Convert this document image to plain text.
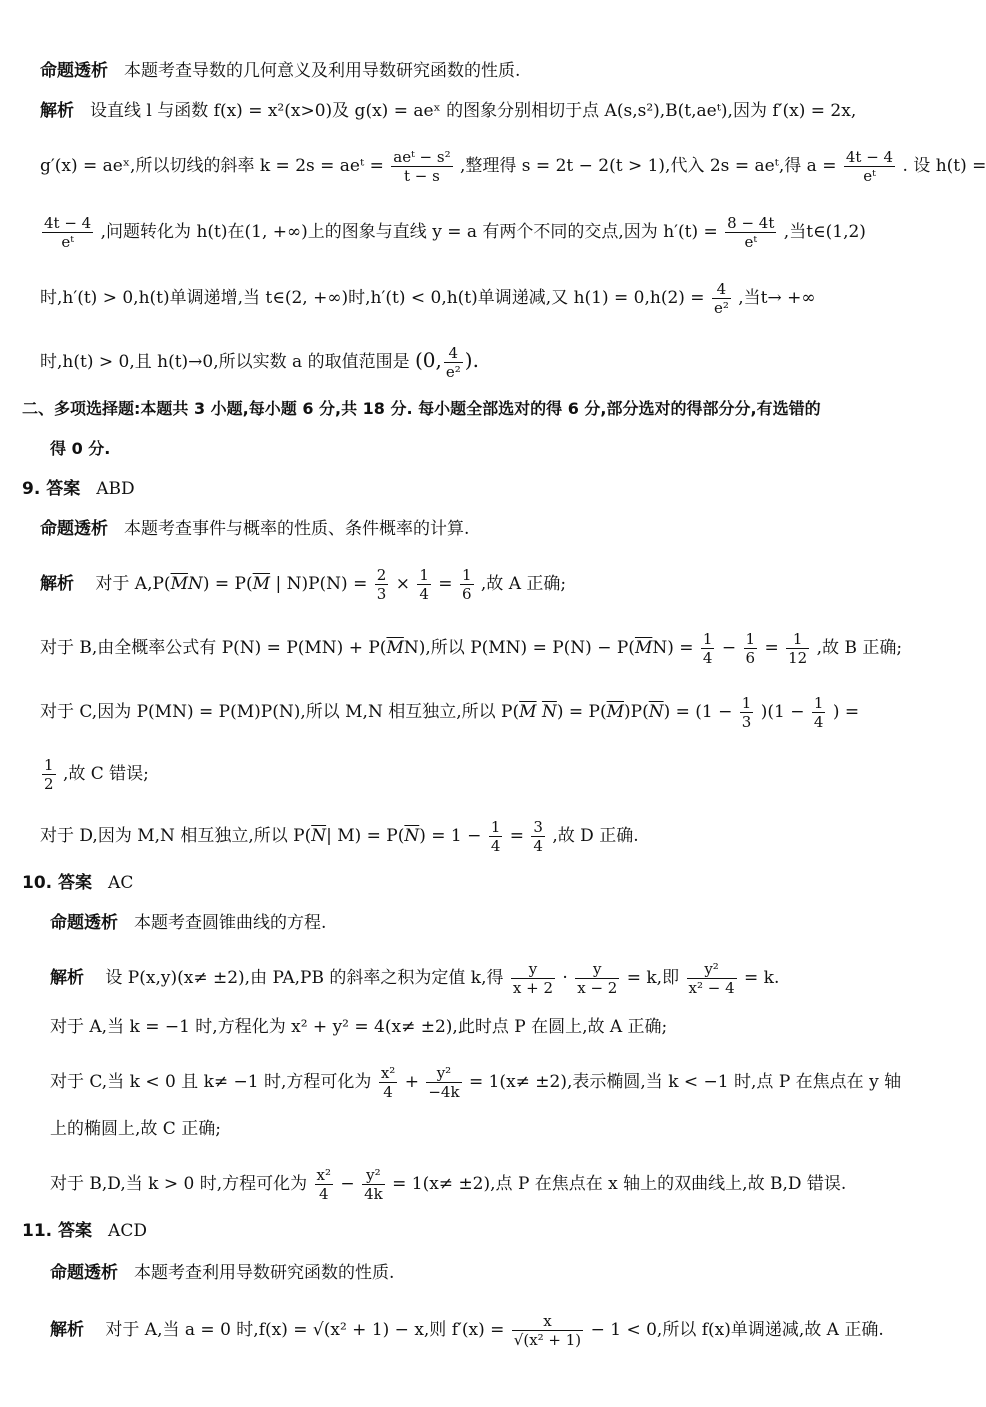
命题透析 本题考查导数的几何意义及利用导数研究函数的性质.
解析 设直线 l 与函数 f(x) = x²(x>0)及 g(x) = aeˣ 的图象分别相切于点 A(s,s²),B(t,aeᵗ),因为 f′(x) = 2x,
g′(x) = aeˣ,所以切线的斜率 k = 2s = aeᵗ = $\frac{\text{aeᵗ − s²}}{t - s}$ ,整理得 s = 2t − 2(t > 1),代入 2s = aeᵗ,得 $a = \frac{4t - 4}{\text{eᵗ}}$ . 设 h(t) =
$\frac{4t - 4}{\text{eᵗ}}$ ,问题转化为 h(t)在(1, +∞)上的图象与直线 y = a 有两个不同的交点,因为 $h'(t) = \frac{8 - 4t}{\text{eᵗ}}$ ,当t∈(1,2)
时,h′(t) > 0,h(t)单调递增,当 t∈(2, +∞)时,h′(t) < 0,h(t)单调递减,又 $h(1) = 0,h(2) = \frac{4}{\text{e²}}$ ,当t→ +∞
时,h(t) > 0,且 h(t)→0,所以实数 a 的取值范围是 (0, $\frac{4}{\text{e²}}$ ).
二、多项选择题:本题共 3 小题,每小题 6 分,共 18 分. 每小题全部选对的得 6 分,部分选对的得部分分,有选错的
得 0 分.
9. 答案 ABD
命题透析 本题考查事件与概率的性质、条件概率的计算.
解析 对于 $A,P(\overline{M}N) = P(\overline{M}$ | $N)P(N) = \frac{2}{3} \times \frac{1}{4} = \frac{1}{6}$ ,故 A 正确;
对于 B,由全概率公式有 $P(N) = P(MN) + P(\overline{M}N)$,所以 $P(MN) = P(N) - P(\overline{M}N) = \frac{1}{4} - \frac{1}{6} = \frac{1}{12}$ ,故 B 正确;
对于 C,因为 P(MN) = P(M)P(N),所以 M,N 相互独立,所以 $P(\overline{M}$ $\overline{N}) = P(\overline{M})P(\overline{N}) = (1 - \frac{1}{3} )(1 - \frac{1}{4}$ ) =
$\frac{1}{2}$ ,故 C 错误;
对于 D,因为 M,N 相互独立,所以 $P(\overline{N}|$ $M) = P(\overline{N}) = 1 - \frac{1}{4} = \frac{3}{4}$ ,故 D 正确.
10. 答案 AC
命题透析 本题考查圆锥曲线的方程.
解析 设 P(x,y)(x≠ ±2),由 PA,PB 的斜率之积为定值 k,得 $\frac{y}{x + 2} \cdot \frac{y}{x - 2} = k$,即 $\frac{\text{y²}}{\text{x² − 4}} = k$.
对于 A,当 k = −1 时,方程化为 x² + y² = 4(x≠ ±2),此时点 P 在圆上,故 A 正确;
对于 C,当 k < 0 且 k≠ −1 时,方程可化为 $\frac{\text{x²}}{4} + \frac{\text{y²}}{-4k} = 1(x\ne \pm 2)$,表示椭圆,当 k < −1 时,点 P 在焦点在 y 轴
上的椭圆上,故 C 正确;
对于 B,D,当 k > 0 时,方程可化为 $\frac{\text{x²}}{4} - \frac{\text{y²}}{4k} = 1(x\ne \pm 2)$,点 P 在焦点在 x 轴上的双曲线上,故 B,D 错误.
11. 答案 ACD
命题透析 本题考查利用导数研究函数的性质.
解析 对于 A,当 a = 0 时,f(x) = √(x² + 1) − x,则 $f'(x) = \frac{x}{\text{√(x² + 1)}} - 1 < 0$,所以 f(x)单调递减,故 A 正确.
